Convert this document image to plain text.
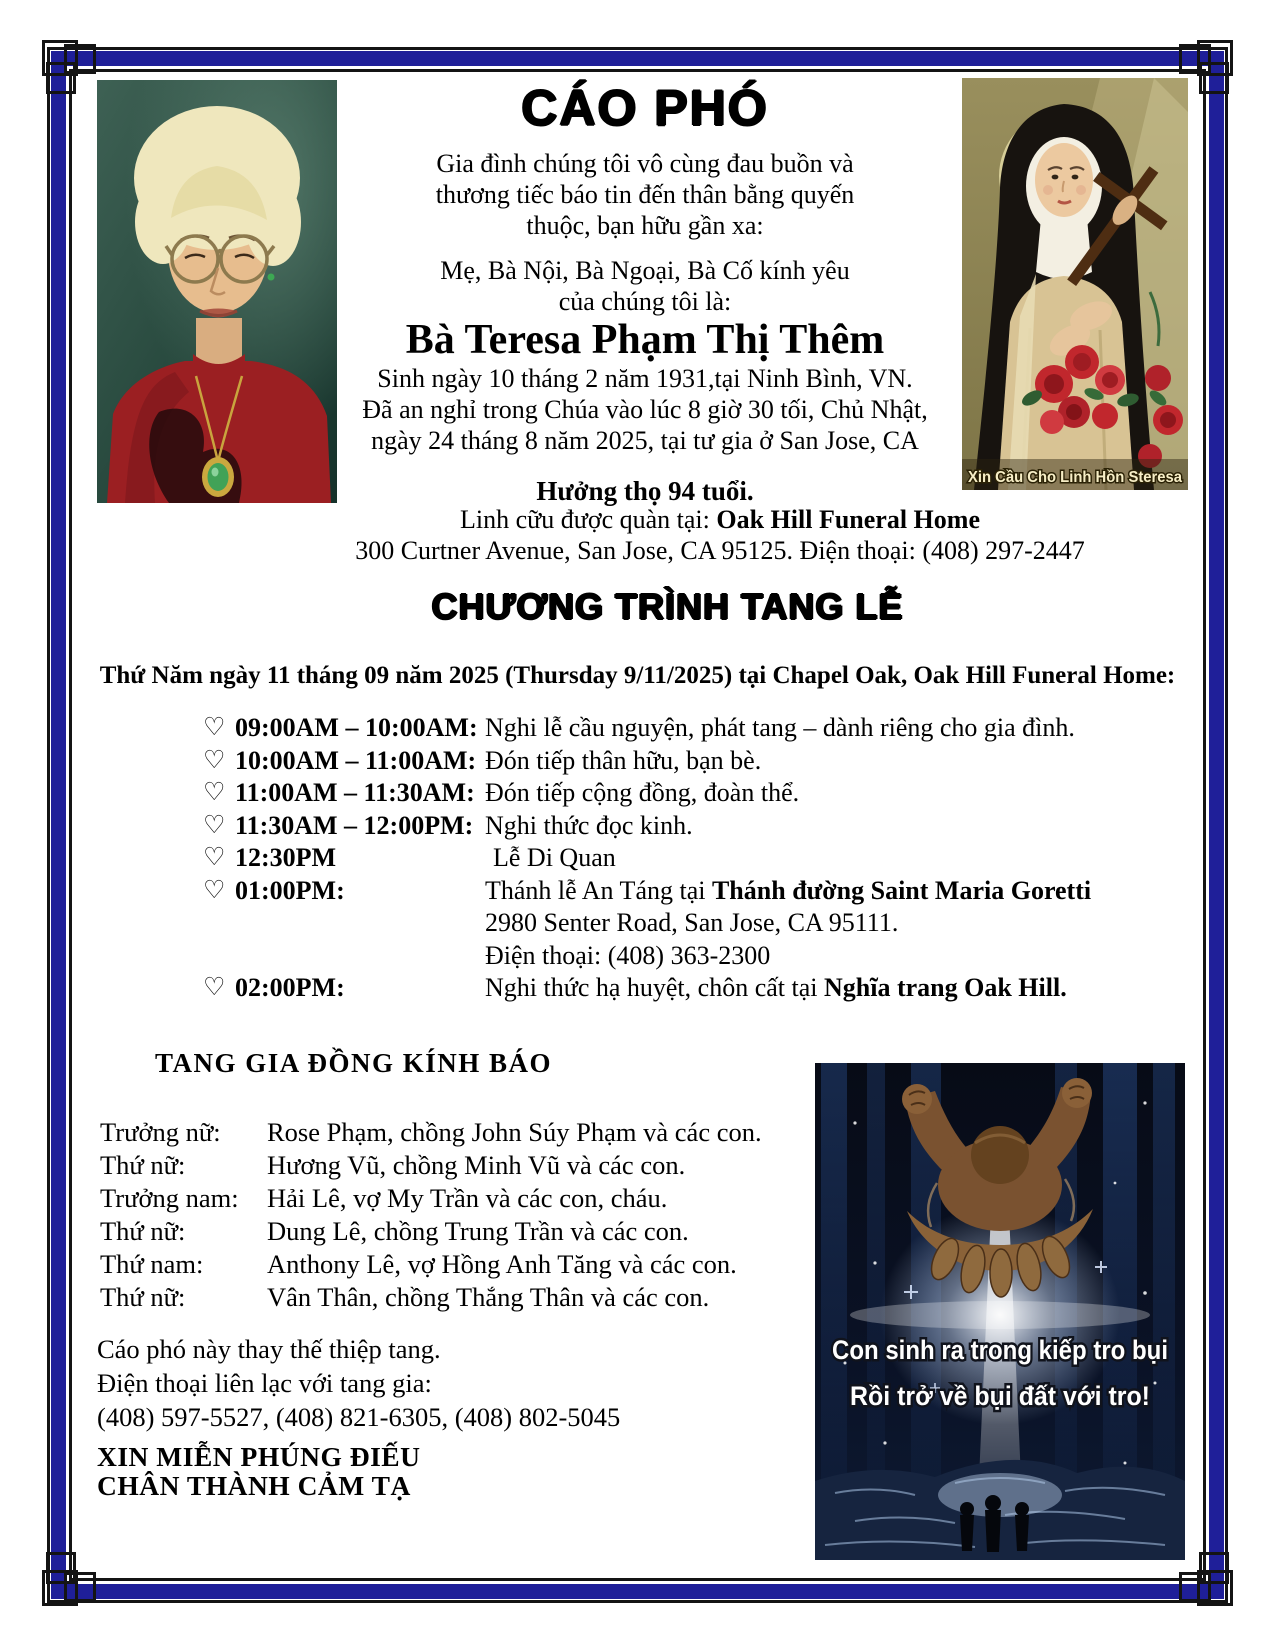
Xin Cầu Cho Linh Hồn Steresa
CÁO PHÓ
Gia đình chúng tôi vô cùng đau buồn và
thương tiếc báo tin đến thân bằng quyến
thuộc, bạn hữu gần xa:
Mẹ, Bà Nội, Bà Ngoại, Bà Cố kính yêu
của chúng tôi là:
Bà Teresa Phạm Thị Thêm
Sinh ngày 10 tháng 2 năm 1931,tại Ninh Bình, VN.
Đã an nghỉ trong Chúa vào lúc 8 giờ 30 tối, Chủ Nhật,
ngày 24 tháng 8 năm 2025, tại tư gia ở San Jose, CA
Hưởng thọ 94 tuổi.
Linh cữu được quàn tại: Oak Hill Funeral Home
300 Curtner Avenue, San Jose, CA 95125. Điện thoại: (408) 297-2447
CHƯƠNG TRÌNH TANG LỄ
Thứ Năm ngày 11 tháng 09 năm 2025 (Thursday 9/11/2025) tại Chapel Oak, Oak Hill Funeral Home:
♡ 09:00AM – 10:00AM: Nghi lễ cầu nguyện, phát tang – dành riêng cho gia đình.
♡ 10:00AM – 11:00AM: Đón tiếp thân hữu, bạn bè.
♡ 11:00AM – 11:30AM: Đón tiếp cộng đồng, đoàn thể.
♡ 11:30AM – 12:00PM: Nghi thức đọc kinh.
♡ 12:30PM	Lễ Di Quan
♡ 01:00PM:	Thánh lễ An Táng tại Thánh đường Saint Maria Goretti
2980 Senter Road, San Jose, CA 95111.
Điện thoại: (408) 363-2300
♡ 02:00PM:	Nghi thức hạ huyệt, chôn cất tại Nghĩa trang Oak Hill.
TANG GIA ĐỒNG KÍNH BÁO
Trưởng nữ:	Rose Phạm, chồng John Súy Phạm và các con.
Thứ nữ:	Hương Vũ, chồng Minh Vũ và các con.
Trưởng nam:	Hải Lê, vợ My Trần và các con, cháu.
Thứ nữ:	Dung Lê, chồng Trung Trần và các con.
Thứ nam:	Anthony Lê, vợ Hồng Anh Tăng và các con.
Thứ nữ:	Vân Thân, chồng Thắng Thân và các con.
Cáo phó này thay thế thiệp tang.
Điện thoại liên lạc với tang gia:
(408) 597-5527, (408) 821-6305, (408) 802-5045
XIN MIỄN PHÚNG ĐIẾU
CHÂN THÀNH CẢM TẠ
Con sinh ra trong kiếp tro bụi
Rồi trở về bụi đất với tro!
